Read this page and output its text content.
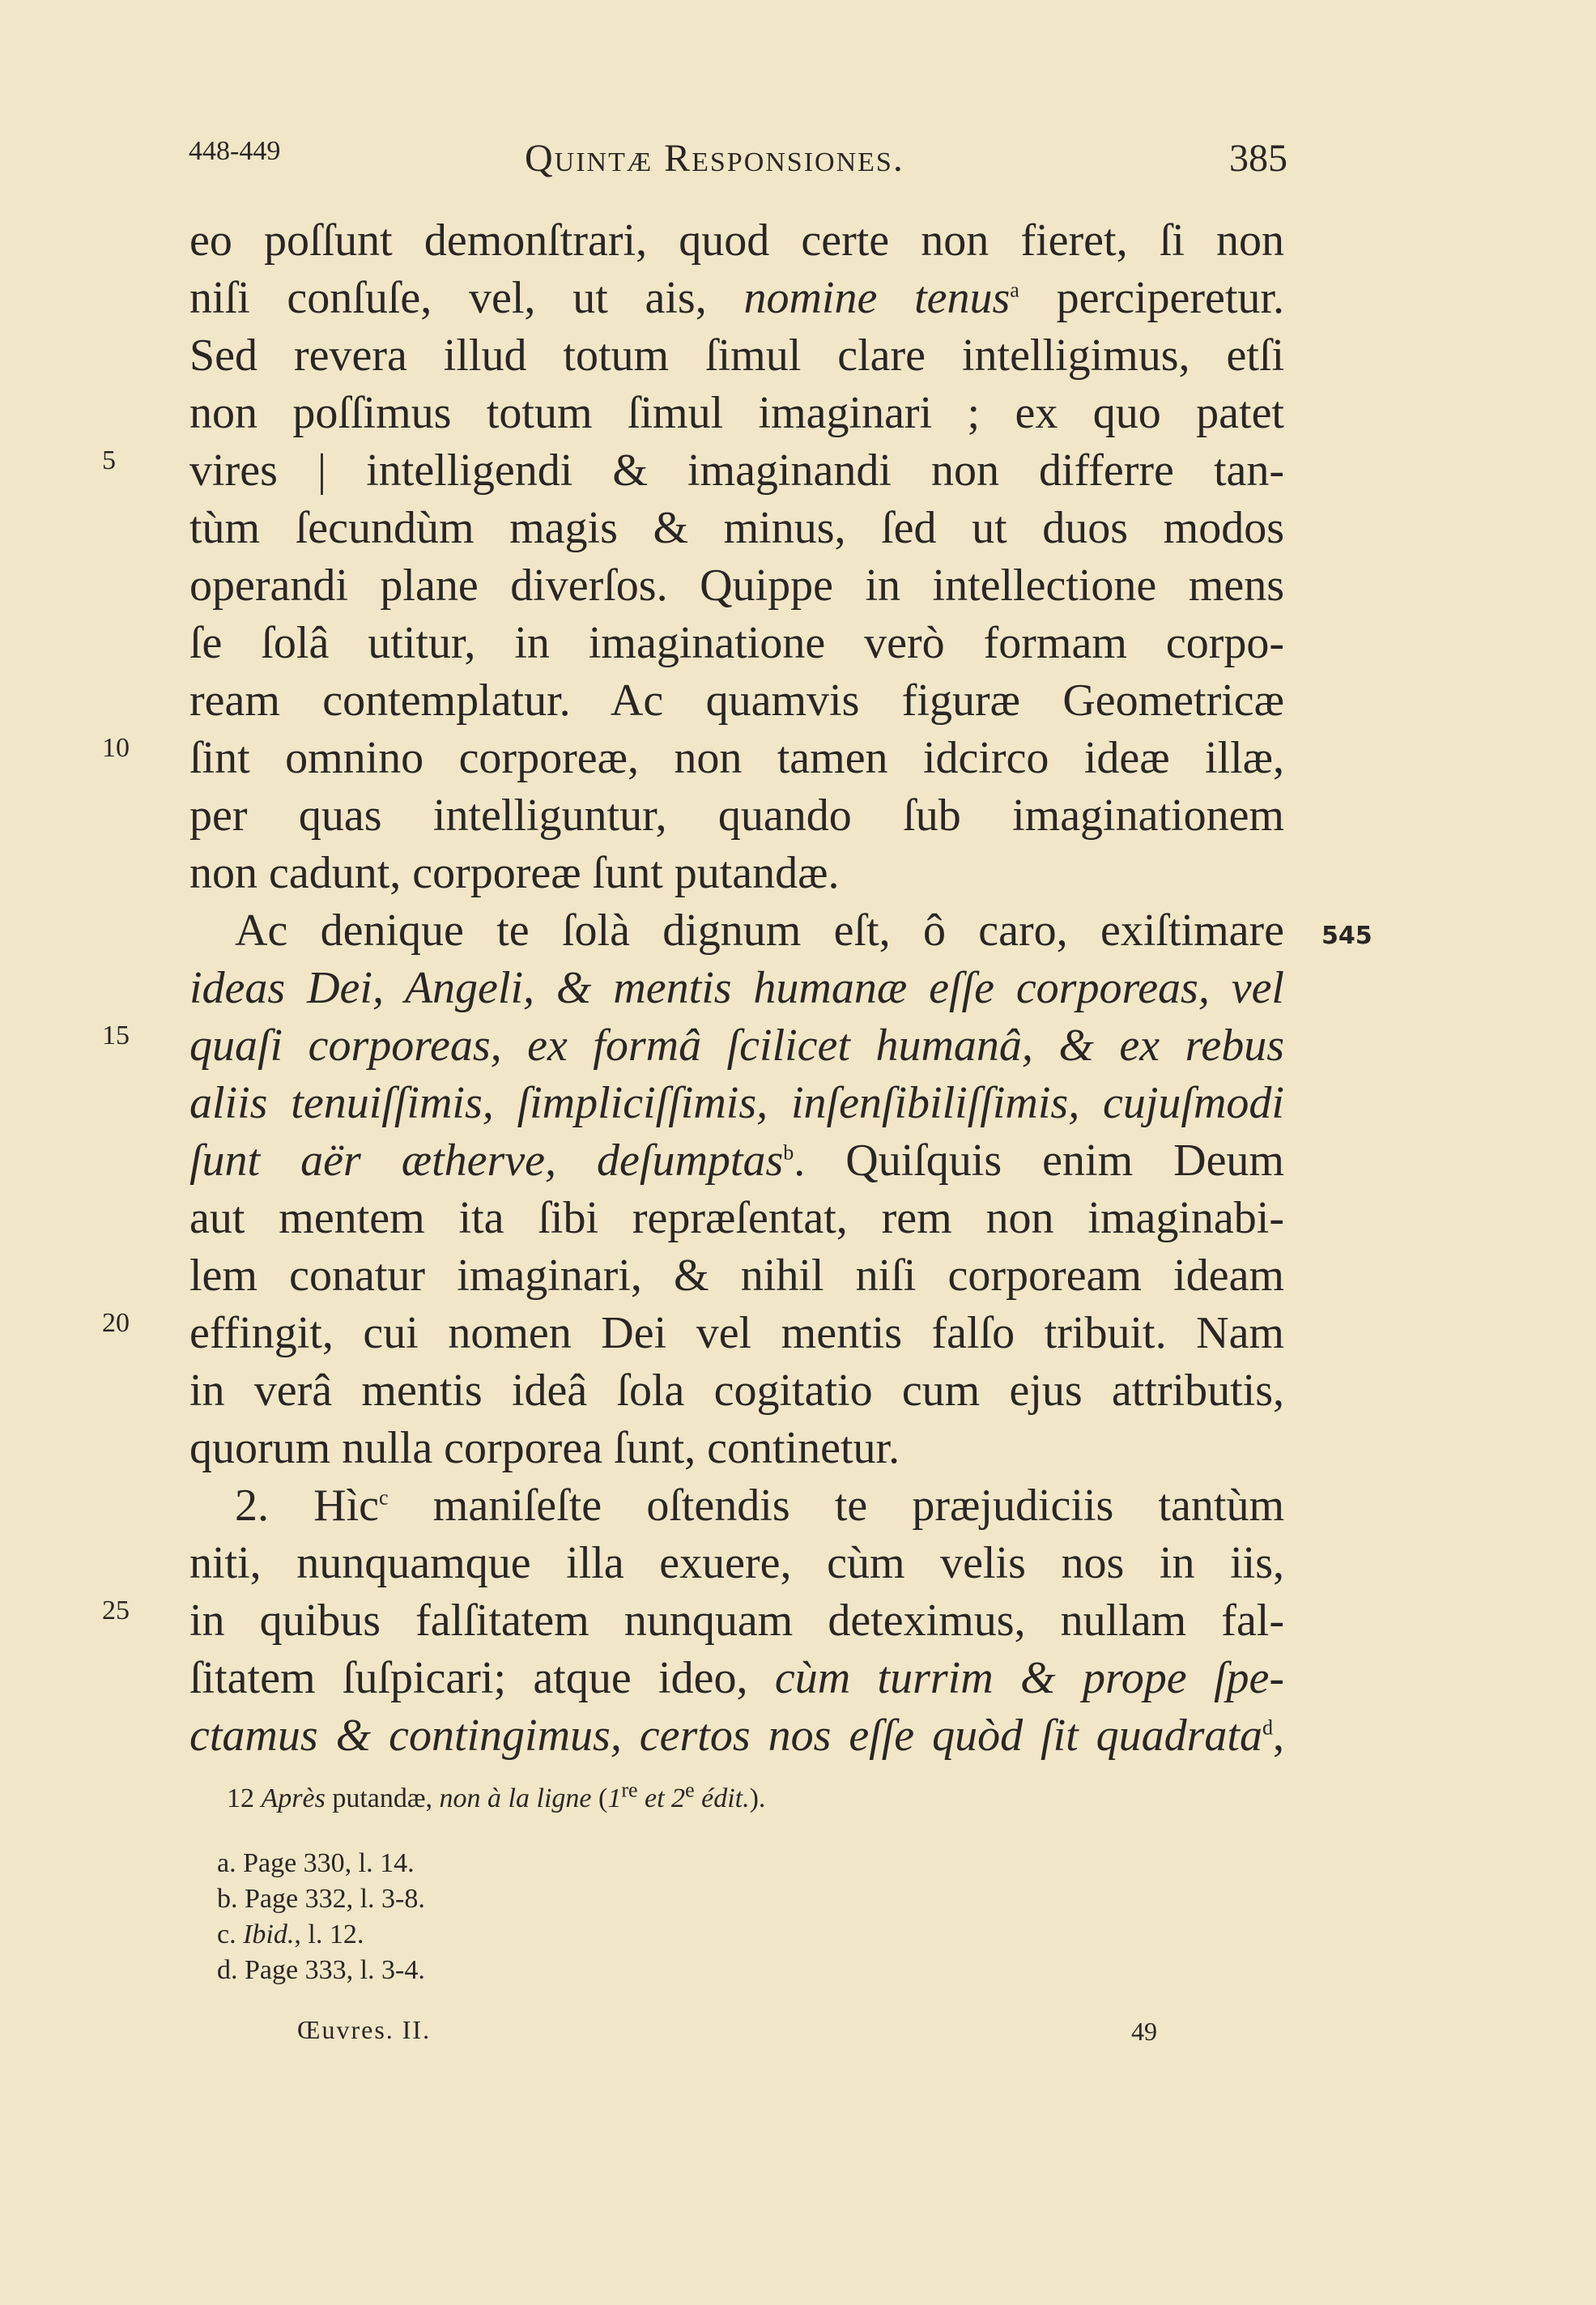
448-449	Quintæ Responsiones.	385
eo poſſunt demonſtrari, quod certe non fieret, ſi non
niſi conſuſe, vel, ut ais, nomine tenus$^a$ perciperetur.
Sed revera illud totum ſimul clare intelligimus, etſi
non poſſimus totum ſimul imaginari ; ex quo patet
vires | intelligendi & imaginandi non differre tan-
tùm ſecundùm magis & minus, ſed ut duos modos
operandi plane diverſos. Quippe in intellectione mens
ſe ſolâ utitur, in imaginatione verò formam corpo-
ream contemplatur. Ac quamvis figuræ Geometricæ
ſint omnino corporeæ, non tamen idcirco ideæ illæ,
per quas intelliguntur, quando ſub imaginationem
non cadunt, corporeæ ſunt putandæ.
Ac denique te ſolà dignum eſt, ô caro, exiſtimare
ideas Dei, Angeli, & mentis humanæ eſſe corporeas, vel
quaſi corporeas, ex formâ ſcilicet humanâ, & ex rebus
aliis tenuiſſimis, ſimpliciſſimis, inſenſibiliſſimis, cujuſmodi
ſunt aër ætherve, deſumptas$^b$. Quiſquis enim Deum
aut mentem ita ſibi repræſentat, rem non imaginabi-
lem conatur imaginari, & nihil niſi corpoream ideam
effingit, cui nomen Dei vel mentis falſo tribuit. Nam
in verâ mentis ideâ ſola cogitatio cum ejus attributis,
quorum nulla corporea ſunt, continetur.
2. Hìc$^c$ maniſeſte oſtendis te præjudiciis tantùm
niti, nunquamque illa exuere, cùm velis nos in iis,
in quibus falſitatem nunquam deteximus, nullam fal-
ſitatem ſuſpicari; atque ideo, cùm turrim & prope ſpe-
ctamus & contingimus, certos nos eſſe quòd ſit quadrata$^d$,
5
10
15
20
25
545
12 Après putandæ, non à la ligne (1re et 2e édit.).
a. Page 330, l. 14.
b. Page 332, l. 3-8.
c. Ibid., l. 12.
d. Page 333, l. 3-4.
Œuvres. II.	49
